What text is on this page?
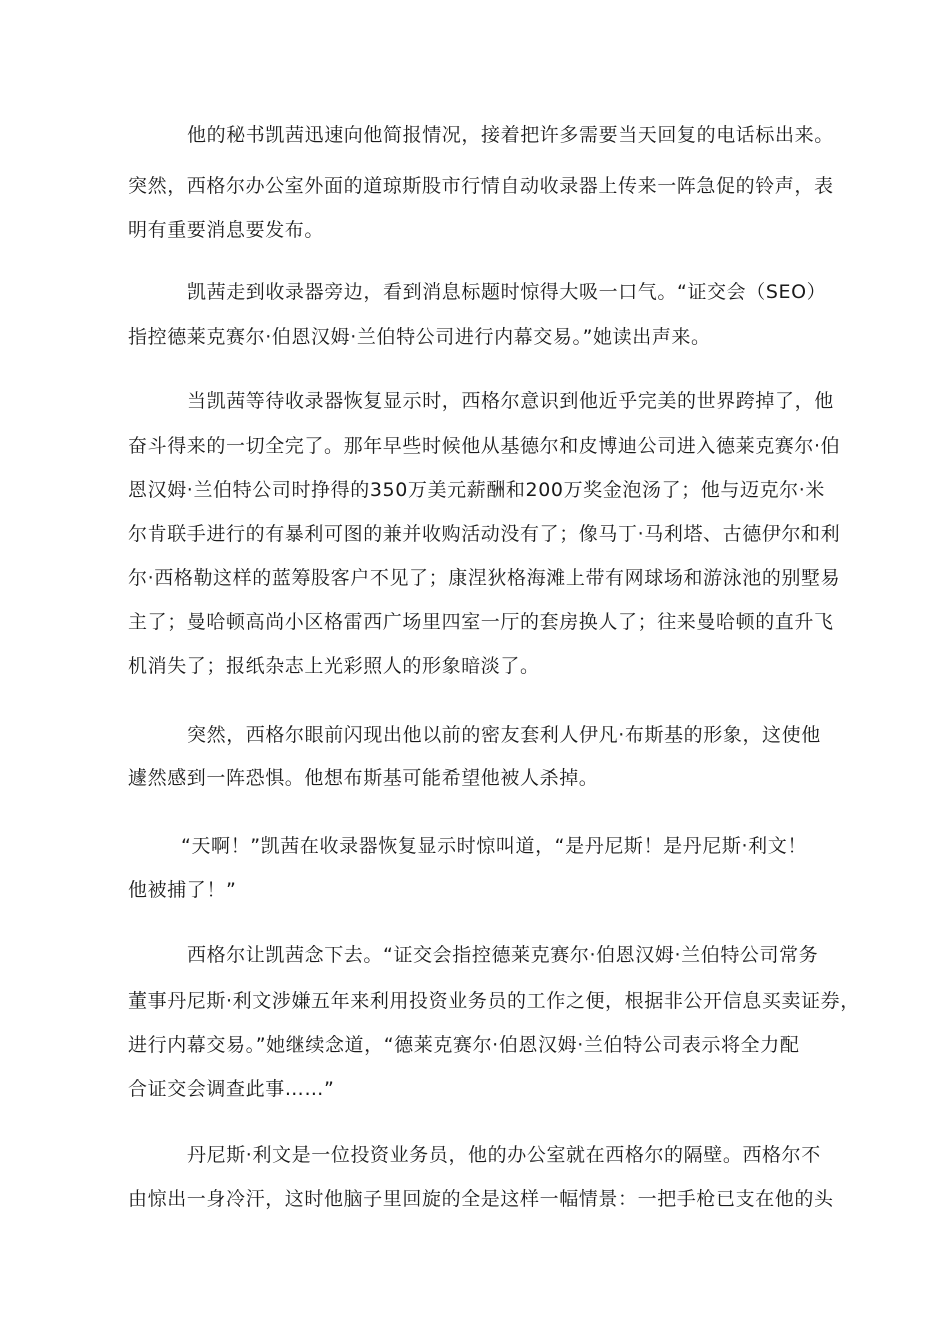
他的秘书凯茜迅速向他简报情况，接着把许多需要当天回复的电话标出来。
突然，西格尔办公室外面的道琼斯股市行情自动收录器上传来一阵急促的铃声，表
明有重要消息要发布。
凯茜走到收录器旁边，看到消息标题时惊得大吸一口气。“证交会（SEO）
指控德莱克赛尔·伯恩汉姆·兰伯特公司进行内幕交易。”她读出声来。
当凯茜等待收录器恢复显示时，西格尔意识到他近乎完美的世界跨掉了，他
奋斗得来的一切全完了。那年早些时候他从基德尔和皮博迪公司进入德莱克赛尔·伯
恩汉姆·兰伯特公司时挣得的350万美元薪酬和200万奖金泡汤了；他与迈克尔·米
尔肯联手进行的有暴利可图的兼并收购活动没有了；像马丁·马利塔、古德伊尔和利
尔·西格勒这样的蓝筹股客户不见了；康涅狄格海滩上带有网球场和游泳池的别墅易
主了；曼哈顿高尚小区格雷西广场里四室一厅的套房换人了；往来曼哈顿的直升飞
机消失了；报纸杂志上光彩照人的形象暗淡了。
突然，西格尔眼前闪现出他以前的密友套利人伊凡·布斯基的形象，这使他
遽然感到一阵恐惧。他想布斯基可能希望他被人杀掉。
“天啊！”凯茜在收录器恢复显示时惊叫道，“是丹尼斯！是丹尼斯·利文！
他被捕了！”
西格尔让凯茜念下去。“证交会指控德莱克赛尔·伯恩汉姆·兰伯特公司常务
董事丹尼斯·利文涉嫌五年来利用投资业务员的工作之便，根据非公开信息买卖证券，
进行内幕交易。”她继续念道，“德莱克赛尔·伯恩汉姆·兰伯特公司表示将全力配
合证交会调查此事……”
丹尼斯·利文是一位投资业务员，他的办公室就在西格尔的隔壁。西格尔不
由惊出一身冷汗，这时他脑子里回旋的全是这样一幅情景：一把手枪已支在他的头
